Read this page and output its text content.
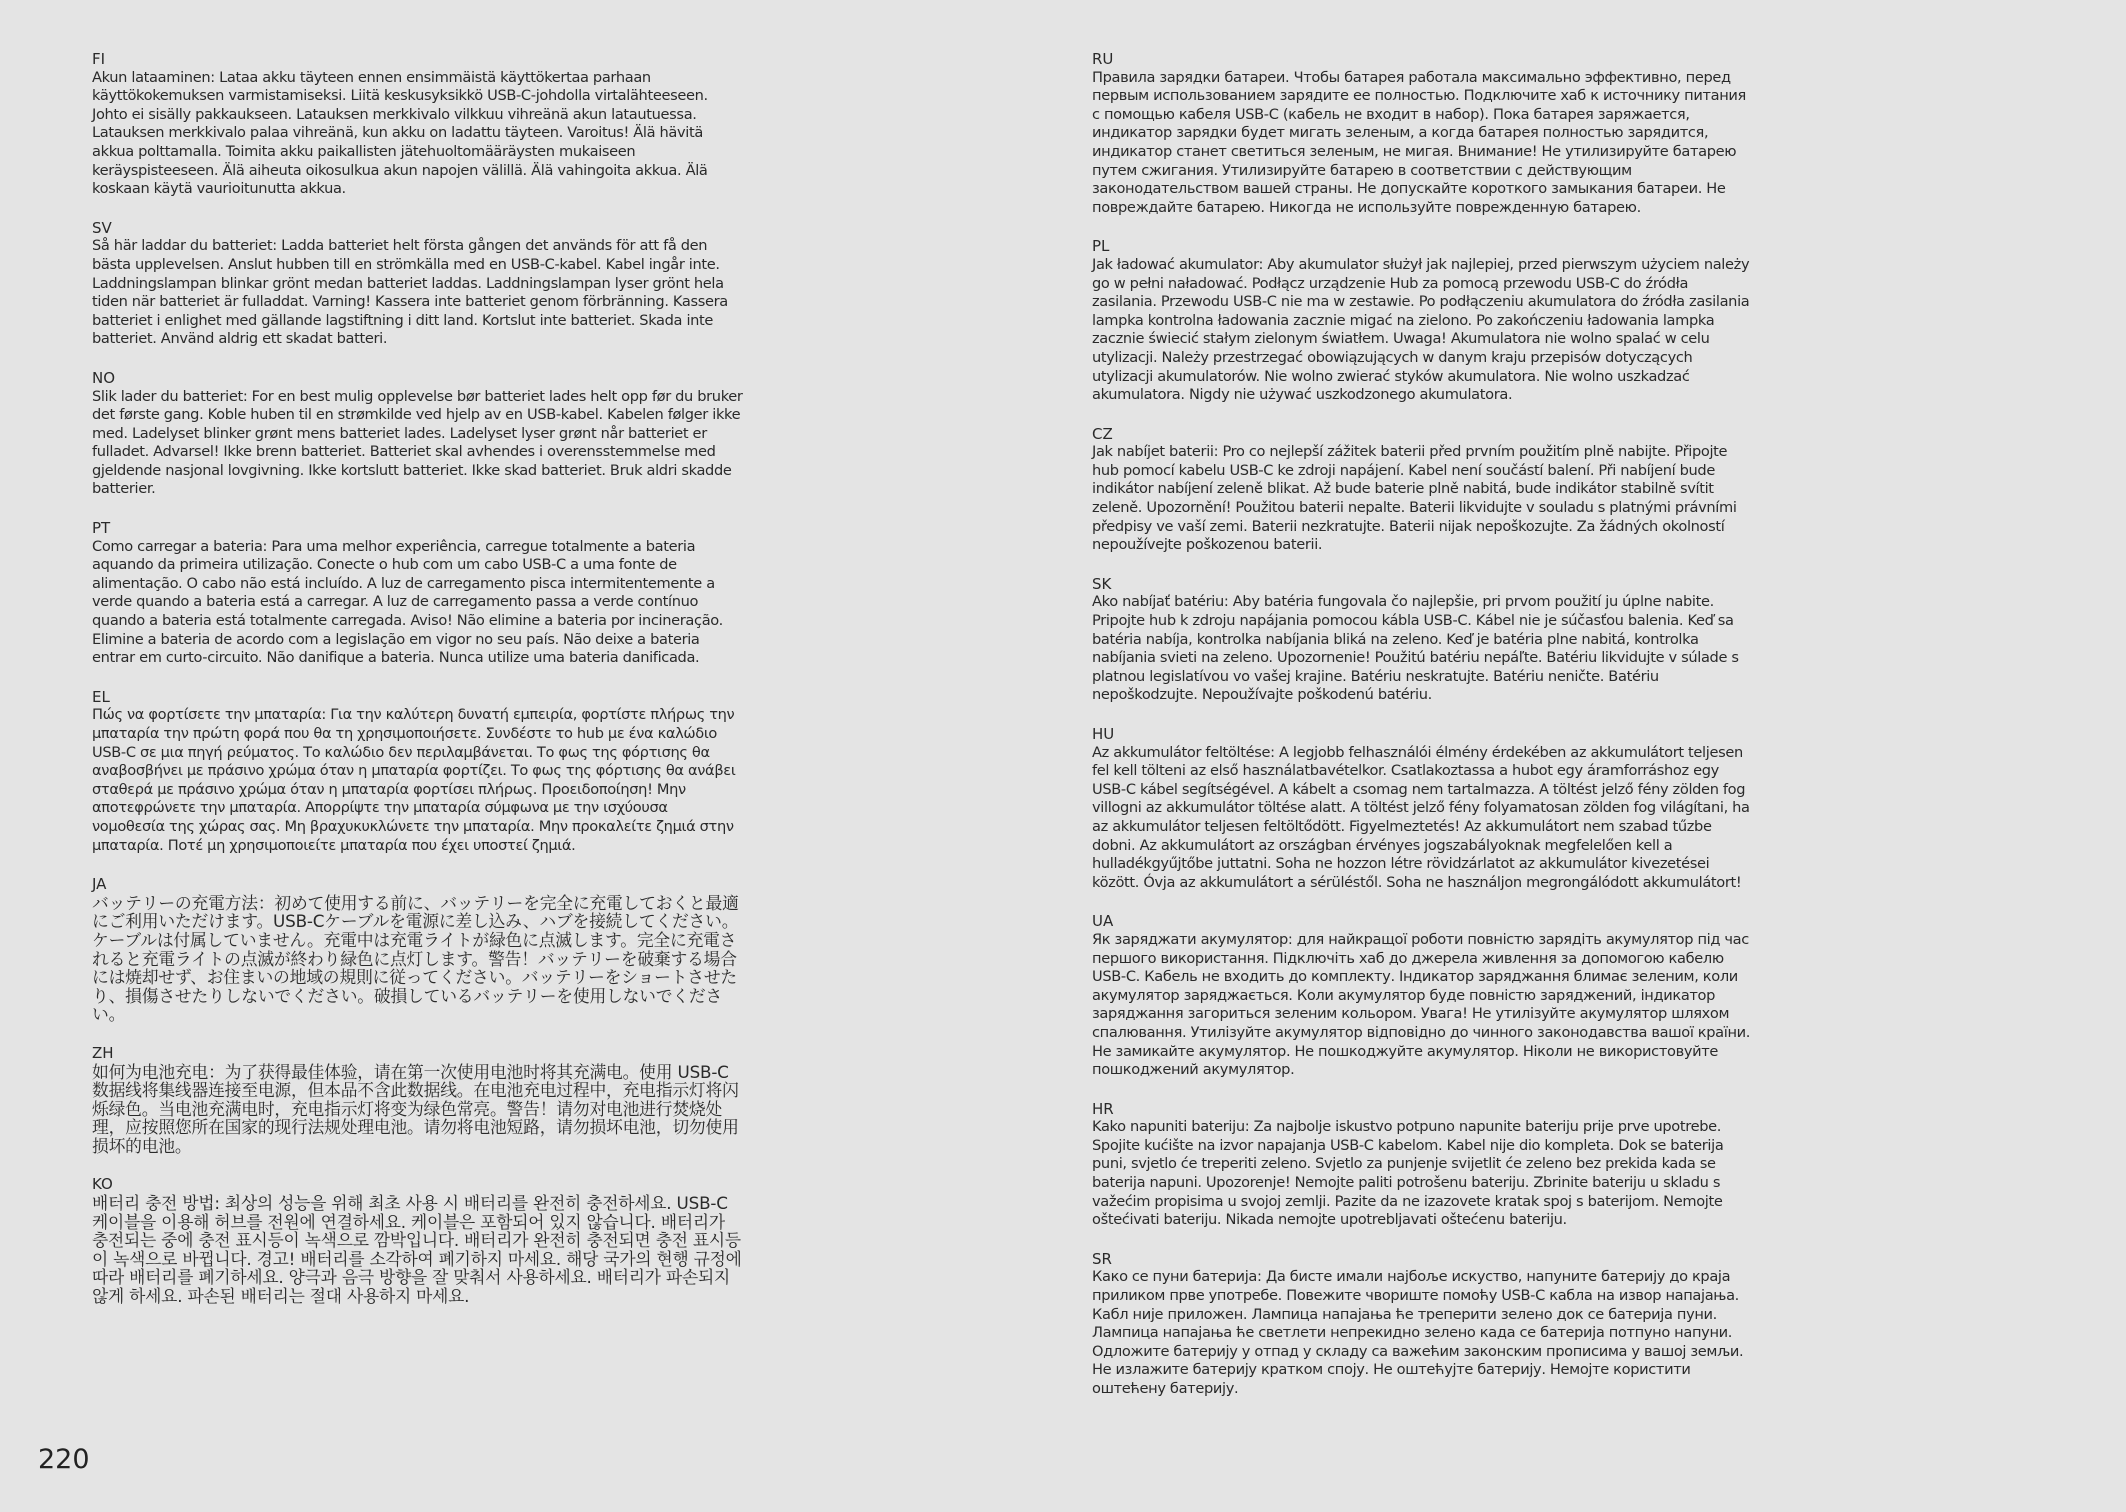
FI
Akun lataaminen: Lataa akku täyteen ennen ensimmäistä käyttökertaa parhaan käyttökokemuksen varmistamiseksi. Liitä keskusyksikkö USB-C-johdolla virtalähteeseen. Johto ei sisälly pakkaukseen. Latauksen merkkivalo vilkkuu vihreänä akun latautuessa. Latauksen merkkivalo palaa vihreänä, kun akku on ladattu täyteen. Varoitus! Älä hävitä akkua polttamalla. Toimita akku paikallisten jätehuoltomääräysten mukaiseen keräyspisteeseen. Älä aiheuta oikosulkua akun napojen välillä. Älä vahingoita akkua. Älä koskaan käytä vaurioitunutta akkua.
SV
Så här laddar du batteriet: Ladda batteriet helt första gången det används för att få den bästa upplevelsen. Anslut hubben till en strömkälla med en USB-C-kabel. Kabel ingår inte. Laddningslampan blinkar grönt medan batteriet laddas. Laddningslampan lyser grönt hela tiden när batteriet är fulladdat. Varning! Kassera inte batteriet genom förbränning. Kassera batteriet i enlighet med gällande lagstiftning i ditt land. Kortslut inte batteriet. Skada inte batteriet. Använd aldrig ett skadat batteri.
NO
Slik lader du batteriet: For en best mulig opplevelse bør batteriet lades helt opp før du bruker det første gang. Koble huben til en strømkilde ved hjelp av en USB-kabel. Kabelen følger ikke med. Ladelyset blinker grønt mens batteriet lades. Ladelyset lyser grønt når batteriet er fulladet. Advarsel! Ikke brenn batteriet. Batteriet skal avhendes i overensstemmelse med gjeldende nasjonal lovgivning. Ikke kortslutt batteriet. Ikke skad batteriet. Bruk aldri skadde batterier.
PT
Como carregar a bateria: Para uma melhor experiência, carregue totalmente a bateria aquando da primeira utilização. Conecte o hub com um cabo USB-C a uma fonte de alimentação. O cabo não está incluído. A luz de carregamento pisca intermitentemente a verde quando a bateria está a carregar. A luz de carregamento passa a verde contínuo quando a bateria está totalmente carregada. Aviso! Não elimine a bateria por incineração. Elimine a bateria de acordo com a legislação em vigor no seu país. Não deixe a bateria entrar em curto-circuito. Não danifique a bateria. Nunca utilize uma bateria danificada.
EL
Πώς να φορτίσετε την μπαταρία: Για την καλύτερη δυνατή εμπειρία, φορτίστε πλήρως την μπαταρία την πρώτη φορά που θα τη χρησιμοποιήσετε. Συνδέστε το hub με ένα καλώδιο USB-C σε μια πηγή ρεύματος. Το καλώδιο δεν περιλαμβάνεται. Το φως της φόρτισης θα αναβοσβήνει με πράσινο χρώμα όταν η μπαταρία φορτίζει. Το φως της φόρτισης θα ανάβει σταθερά με πράσινο χρώμα όταν η μπαταρία φορτίσει πλήρως. Προειδοποίηση! Μην αποτεφρώνετε την μπαταρία. Απορρίψτε την μπαταρία σύμφωνα με την ισχύουσα νομοθεσία της χώρας σας. Μη βραχυκυκλώνετε την μπαταρία. Μην προκαλείτε ζημιά στην μπαταρία. Ποτέ μη χρησιμοποιείτε μπαταρία που έχει υποστεί ζημιά.
JA
バッテリーの充電方法：初めて使用する前に、バッテリーを完全に充電しておくと最適にご利用いただけます。USB-Cケーブルを電源に差し込み、ハブを接続してください。ケーブルは付属していません。充電中は充電ライトが緑色に点滅します。完全に充電されると充電ライトの点滅が終わり緑色に点灯します。警告！バッテリーを破棄する場合には焼却せず、お住まいの地域の規則に従ってください。バッテリーをショートさせたり、損傷させたりしないでください。破損しているバッテリーを使用しないでください。
ZH
如何为电池充电：为了获得最佳体验，请在第一次使用电池时将其充满电。使用 USB-C 数据线将集线器连接至电源，但本品不含此数据线。在电池充电过程中，充电指示灯将闪烁绿色。当电池充满电时，充电指示灯将变为绿色常亮。警告！请勿对电池进行焚烧处理，应按照您所在国家的现行法规处理电池。请勿将电池短路，请勿损坏电池，切勿使用损坏的电池。
KO
배터리 충전 방법: 최상의 성능을 위해 최초 사용 시 배터리를 완전히 충전하세요. USB-C 케이블을 이용해 허브를 전원에 연결하세요. 케이블은 포함되어 있지 않습니다. 배터리가 충전되는 중에 충전 표시등이 녹색으로 깜박입니다. 배터리가 완전히 충전되면 충전 표시등이 녹색으로 바뀝니다. 경고! 배터리를 소각하여 폐기하지 마세요. 해당 국가의 현행 규정에 따라 배터리를 폐기하세요. 양극과 음극 방향을 잘 맞춰서 사용하세요. 배터리가 파손되지 않게 하세요. 파손된 배터리는 절대 사용하지 마세요.
RU
Правила зарядки батареи. Чтобы батарея работала максимально эффективно, перед первым использованием зарядите ее полностью. Подключите хаб к источнику питания с помощью кабеля USB-C (кабель не входит в набор). Пока батарея заряжается, индикатор зарядки будет мигать зеленым, а когда батарея полностью зарядится, индикатор станет светиться зеленым, не мигая. Внимание! Не утилизируйте батарею путем сжигания. Утилизируйте батарею в соответствии с действующим законодательством вашей страны. Не допускайте короткого замыкания батареи. Не повреждайте батарею. Никогда не используйте поврежденную батарею.
PL
Jak ładować akumulator: Aby akumulator służył jak najlepiej, przed pierwszym użyciem należy go w pełni naładować. Podłącz urządzenie Hub za pomocą przewodu USB-C do źródła zasilania. Przewodu USB-C nie ma w zestawie. Po podłączeniu akumulatora do źródła zasilania lampka kontrolna ładowania zacznie migać na zielono. Po zakończeniu ładowania lampka zacznie świecić stałym zielonym światłem. Uwaga! Akumulatora nie wolno spalać w celu utylizacji. Należy przestrzegać obowiązujących w danym kraju przepisów dotyczących utylizacji akumulatorów. Nie wolno zwierać styków akumulatora. Nie wolno uszkadzać akumulatora. Nigdy nie używać uszkodzonego akumulatora.
CZ
Jak nabíjet baterii: Pro co nejlepší zážitek baterii před prvním použitím plně nabijte. Připojte hub pomocí kabelu USB-C ke zdroji napájení. Kabel není součástí balení. Při nabíjení bude indikátor nabíjení zeleně blikat. Až bude baterie plně nabitá, bude indikátor stabilně svítit zeleně. Upozornění! Použitou baterii nepalte. Baterii likvidujte v souladu s platnými právními předpisy ve vaší zemi. Baterii nezkratujte. Baterii nijak nepoškozujte. Za žádných okolností nepoužívejte poškozenou baterii.
SK
Ako nabíjať batériu: Aby batéria fungovala čo najlepšie, pri prvom použití ju úplne nabite. Pripojte hub k zdroju napájania pomocou kábla USB-C. Kábel nie je súčasťou balenia. Keď sa batéria nabíja, kontrolka nabíjania bliká na zeleno. Keď je batéria plne nabitá, kontrolka nabíjania svieti na zeleno. Upozornenie! Použitú batériu nepáľte. Batériu likvidujte v súlade s platnou legislatívou vo vašej krajine. Batériu neskratujte. Batériu neničte. Batériu nepoškodzujte. Nepoužívajte poškodenú batériu.
HU
Az akkumulátor feltöltése: A legjobb felhasználói élmény érdekében az akkumulátort teljesen fel kell tölteni az első használatbavételkor. Csatlakoztassa a hubot egy áramforráshoz egy USB-C kábel segítségével. A kábelt a csomag nem tartalmazza. A töltést jelző fény zölden fog villogni az akkumulátor töltése alatt. A töltést jelző fény folyamatosan zölden fog világítani, ha az akkumulátor teljesen feltöltődött. Figyelmeztetés! Az akkumulátort nem szabad tűzbe dobni. Az akkumulátort az országban érvényes jogszabályoknak megfelelően kell a hulladékgyűjtőbe juttatni. Soha ne hozzon létre rövidzárlatot az akkumulátor kivezetései között. Óvja az akkumulátort a sérüléstől. Soha ne használjon megrongálódott akkumulátort!
UA
Як заряджати акумулятор: для найкращої роботи повністю зарядіть акумулятор під час першого використання. Підключіть хаб до джерела живлення за допомогою кабелю USB-C. Кабель не входить до комплекту. Індикатор заряджання блимає зеленим, коли акумулятор заряджається. Коли акумулятор буде повністю заряджений, індикатор заряджання загориться зеленим кольором. Увага! Не утилізуйте акумулятор шляхом спалювання. Утилізуйте акумулятор відповідно до чинного законодавства вашої країни. Не замикайте акумулятор. Не пошкоджуйте акумулятор. Ніколи не використовуйте пошкоджений акумулятор.
HR
Kako napuniti bateriju: Za najbolje iskustvo potpuno napunite bateriju prije prve upotrebe. Spojite kućište na izvor napajanja USB-C kabelom. Kabel nije dio kompleta. Dok se baterija puni, svjetlo će treperiti zeleno. Svjetlo za punjenje svijetlit će zeleno bez prekida kada se baterija napuni. Upozorenje! Nemojte paliti potrošenu bateriju. Zbrinite bateriju u skladu s važećim propisima u svojoj zemlji. Pazite da ne izazovete kratak spoj s baterijom. Nemojte oštećivati bateriju. Nikada nemojte upotrebljavati oštećenu bateriju.
SR
Како се пуни батерија: Да бисте имали најбоље искуство, напуните батерију до краја приликом прве употребе. Повежите чвориште помоћу USB-C кабла на извор напајања. Кабл није приложен. Лампица напајања ће треперити зелено док се батерија пуни. Лампица напајања ће светлети непрекидно зелено када се батерија потпуно напуни. Одложите батерију у отпад у складу са важећим законским прописима у вашој земљи. Не излажите батерију кратком споју. Не оштећујте батерију. Немојте користити оштећену батерију.
220
